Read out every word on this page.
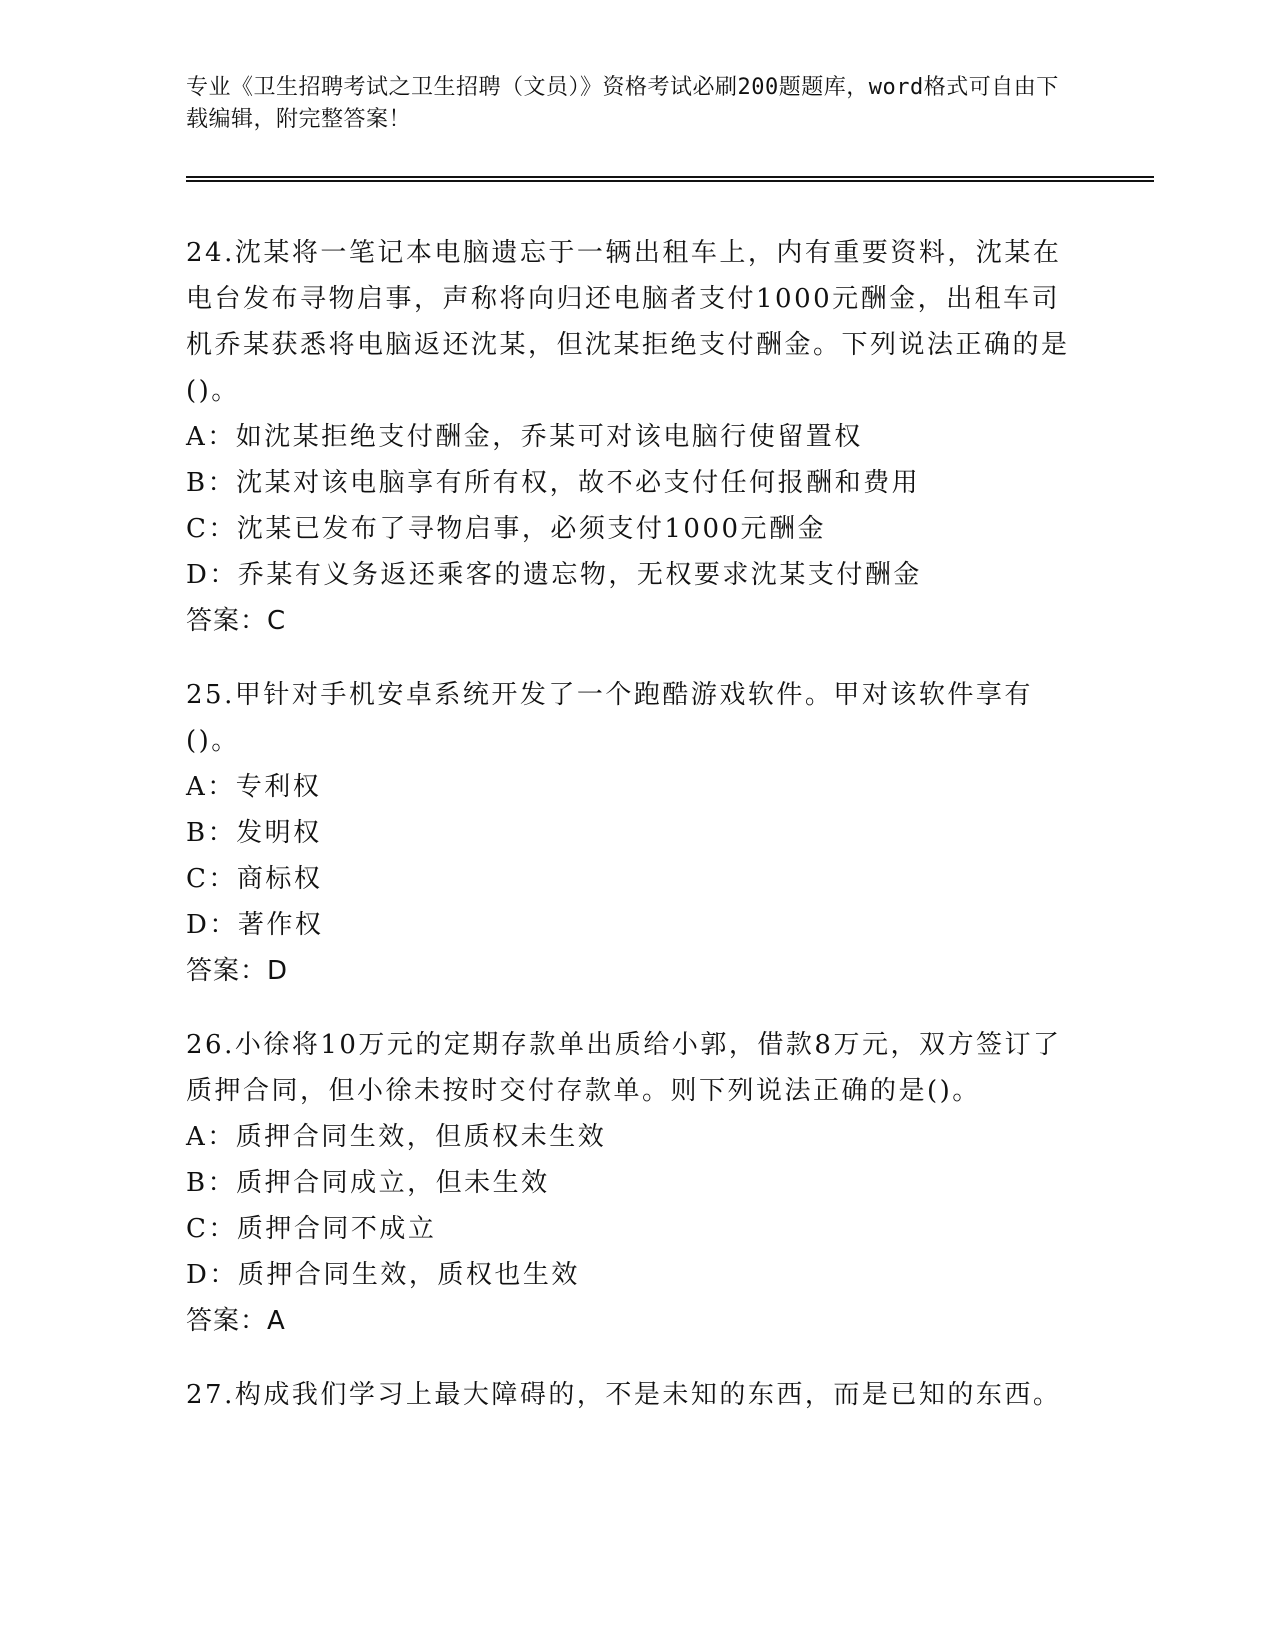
专业《卫生招聘考试之卫生招聘（文员）》资格考试必刷200题题库，word格式可自由下载编辑，附完整答案！

24.沈某将一笔记本电脑遗忘于一辆出租车上，内有重要资料，沈某在电台发布寻物启事，声称将向归还电脑者支付1000元酬金，出租车司机乔某获悉将电脑返还沈某，但沈某拒绝支付酬金。下列说法正确的是()。

A：如沈某拒绝支付酬金，乔某可对该电脑行使留置权

B：沈某对该电脑享有所有权，故不必支付任何报酬和费用

C：沈某已发布了寻物启事，必须支付1000元酬金

D：乔某有义务返还乘客的遗忘物，无权要求沈某支付酬金

答案：C

25.甲针对手机安卓系统开发了一个跑酷游戏软件。甲对该软件享有()。

A：专利权

B：发明权

C：商标权

D：著作权

答案：D

26.小徐将10万元的定期存款单出质给小郭，借款8万元，双方签订了质押合同，但小徐未按时交付存款单。则下列说法正确的是()。

A：质押合同生效，但质权未生效

B：质押合同成立，但未生效

C：质押合同不成立

D：质押合同生效，质权也生效

答案：A

27.构成我们学习上最大障碍的，不是未知的东西，而是已知的东西。
